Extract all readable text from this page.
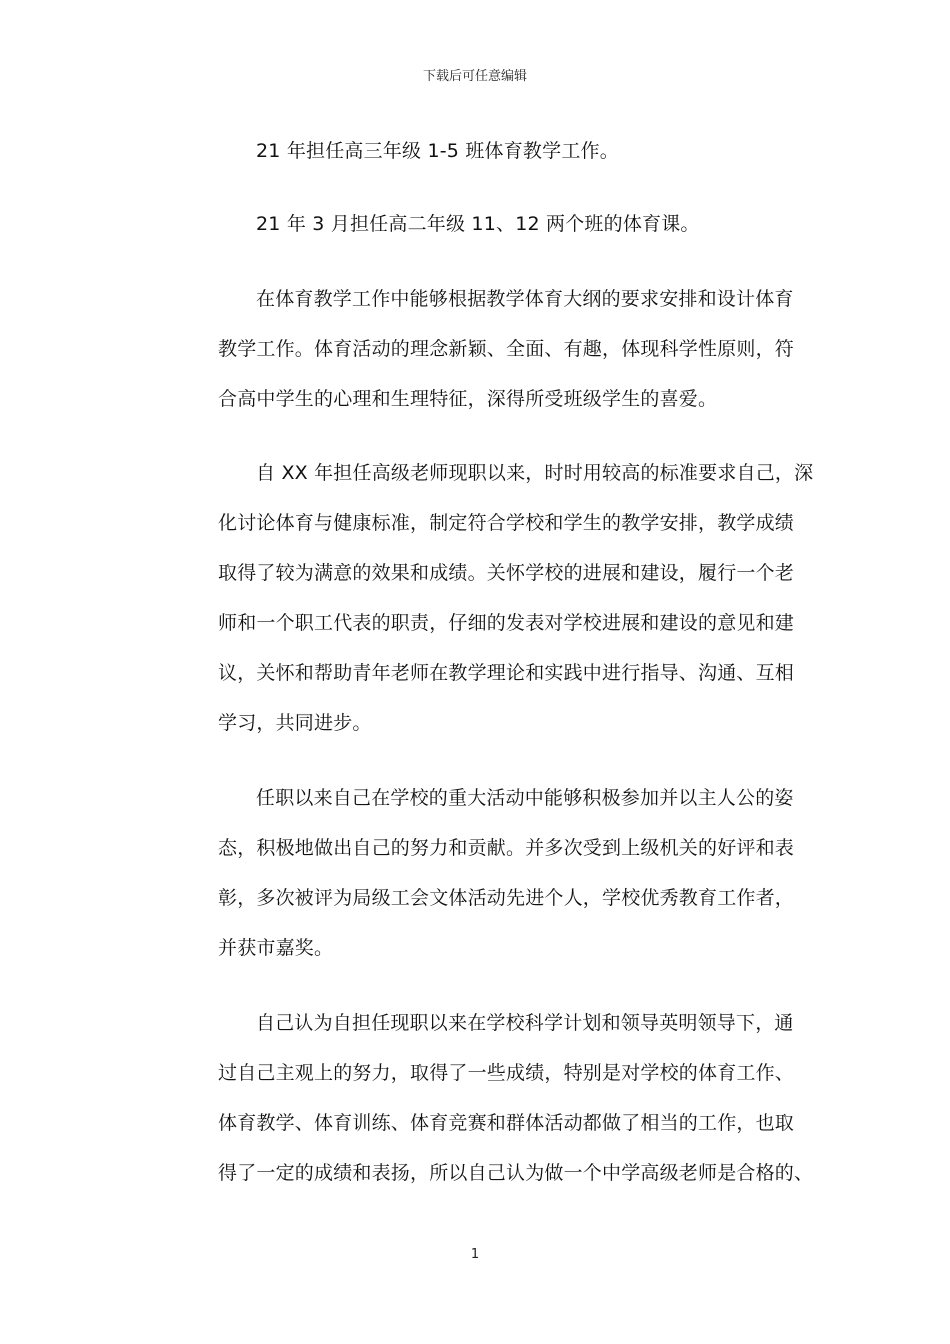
下载后可任意编辑
21 年担任高三年级 1-5 班体育教学工作。
21 年 3 月担任高二年级 11、12 两个班的体育课。
在体育教学工作中能够根据教学体育大纲的要求安排和设计体育
教学工作。体育活动的理念新颖、全面、有趣，体现科学性原则，符
合高中学生的心理和生理特征，深得所受班级学生的喜爱。
自 XX 年担任高级老师现职以来，时时用较高的标准要求自己，深
化讨论体育与健康标准，制定符合学校和学生的教学安排，教学成绩
取得了较为满意的效果和成绩。关怀学校的进展和建设，履行一个老
师和一个职工代表的职责，仔细的发表对学校进展和建设的意见和建
议，关怀和帮助青年老师在教学理论和实践中进行指导、沟通、互相
学习，共同进步。
任职以来自己在学校的重大活动中能够积极参加并以主人公的姿
态，积极地做出自己的努力和贡献。并多次受到上级机关的好评和表
彰，多次被评为局级工会文体活动先进个人，学校优秀教育工作者，
并获市嘉奖。
自己认为自担任现职以来在学校科学计划和领导英明领导下，通
过自己主观上的努力，取得了一些成绩，特别是对学校的体育工作、
体育教学、体育训练、体育竞赛和群体活动都做了相当的工作，也取
得了一定的成绩和表扬，所以自己认为做一个中学高级老师是合格的、
1
